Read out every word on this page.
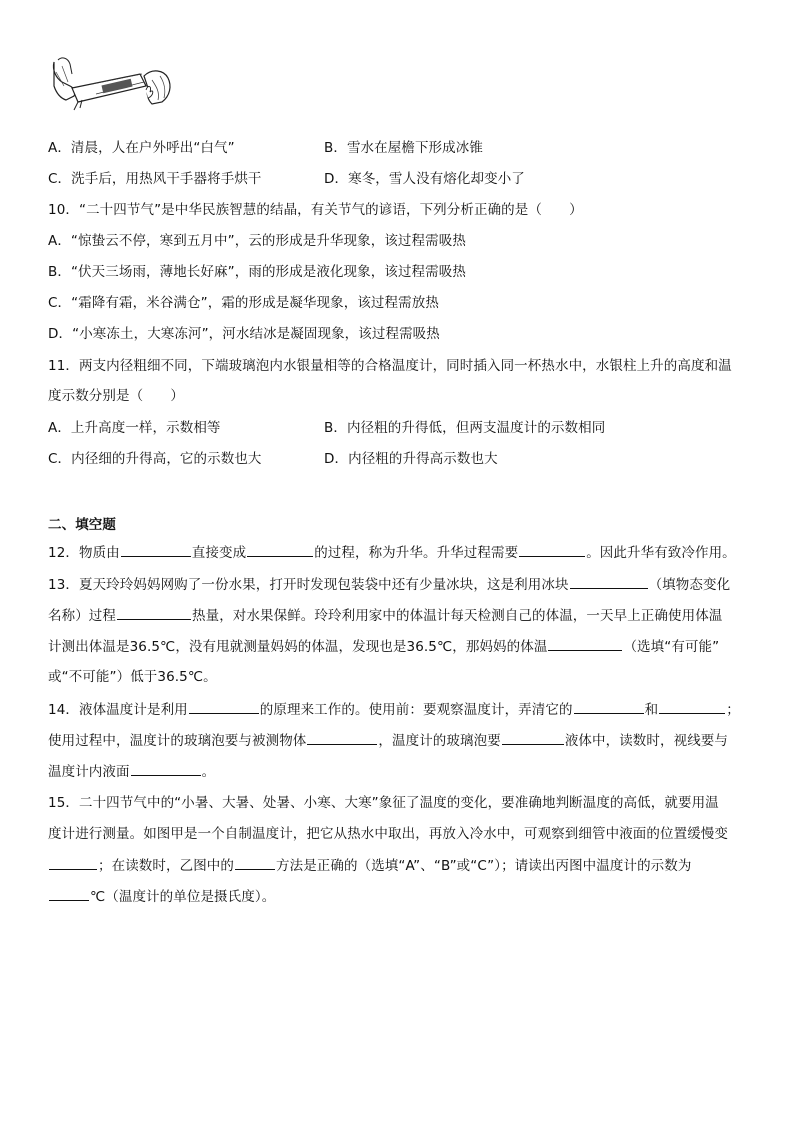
A．清晨，人在户外呼出“白气”	B．雪水在屋檐下形成冰锥
C．洗手后，用热风干手器将手烘干	D．寒冬，雪人没有熔化却变小了
10．“二十四节气”是中华民族智慧的结晶，有关节气的谚语，下列分析正确的是（　　）
A．“惊蛰云不停，寒到五月中”，云的形成是升华现象，该过程需吸热
B．“伏天三场雨，薄地长好麻”，雨的形成是液化现象，该过程需吸热
C．“霜降有霜，米谷满仓”，霜的形成是凝华现象，该过程需放热
D．“小寒冻土，大寒冻河”，河水结冰是凝固现象，该过程需吸热
11．两支内径粗细不同，下端玻璃泡内水银量相等的合格温度计，同时插入同一杯热水中，水银柱上升的高度和温
度示数分别是（　　）
A．上升高度一样，示数相等	B．内径粗的升得低，但两支温度计的示数相同
C．内径细的升得高，它的示数也大	D．内径粗的升得高示数也大
二、填空题
12．物质由	直接变成	的过程，称为升华。升华过程需要	。因此升华有致冷作用。
13．夏天玲玲妈妈网购了一份水果，打开时发现包装袋中还有少量冰块，这是利用冰块	（填物态变化
名称）过程	热量，对水果保鲜。玲玲利用家中的体温计每天检测自己的体温，一天早上正确使用体温
计测出体温是36.5℃，没有甩就测量妈妈的体温，发现也是36.5℃，那妈妈的体温	（选填“有可能”
或“不可能”）低于36.5℃。
14．液体温度计是利用	的原理来工作的。使用前：要观察温度计，弄清它的	和	；
使用过程中，温度计的玻璃泡要与被测物体	，温度计的玻璃泡要	液体中，读数时，视线要与
温度计内液面	。
15．二十四节气中的“小暑、大暑、处暑、小寒、大寒”象征了温度的变化，要准确地判断温度的高低，就要用温
度计进行测量。如图甲是一个自制温度计，把它从热水中取出，再放入冷水中，可观察到细管中液面的位置缓慢变
；在读数时，乙图中的	方法是正确的（选填“A”、“B”或“C”）；请读出丙图中温度计的示数为
℃（温度计的单位是摄氏度）。
